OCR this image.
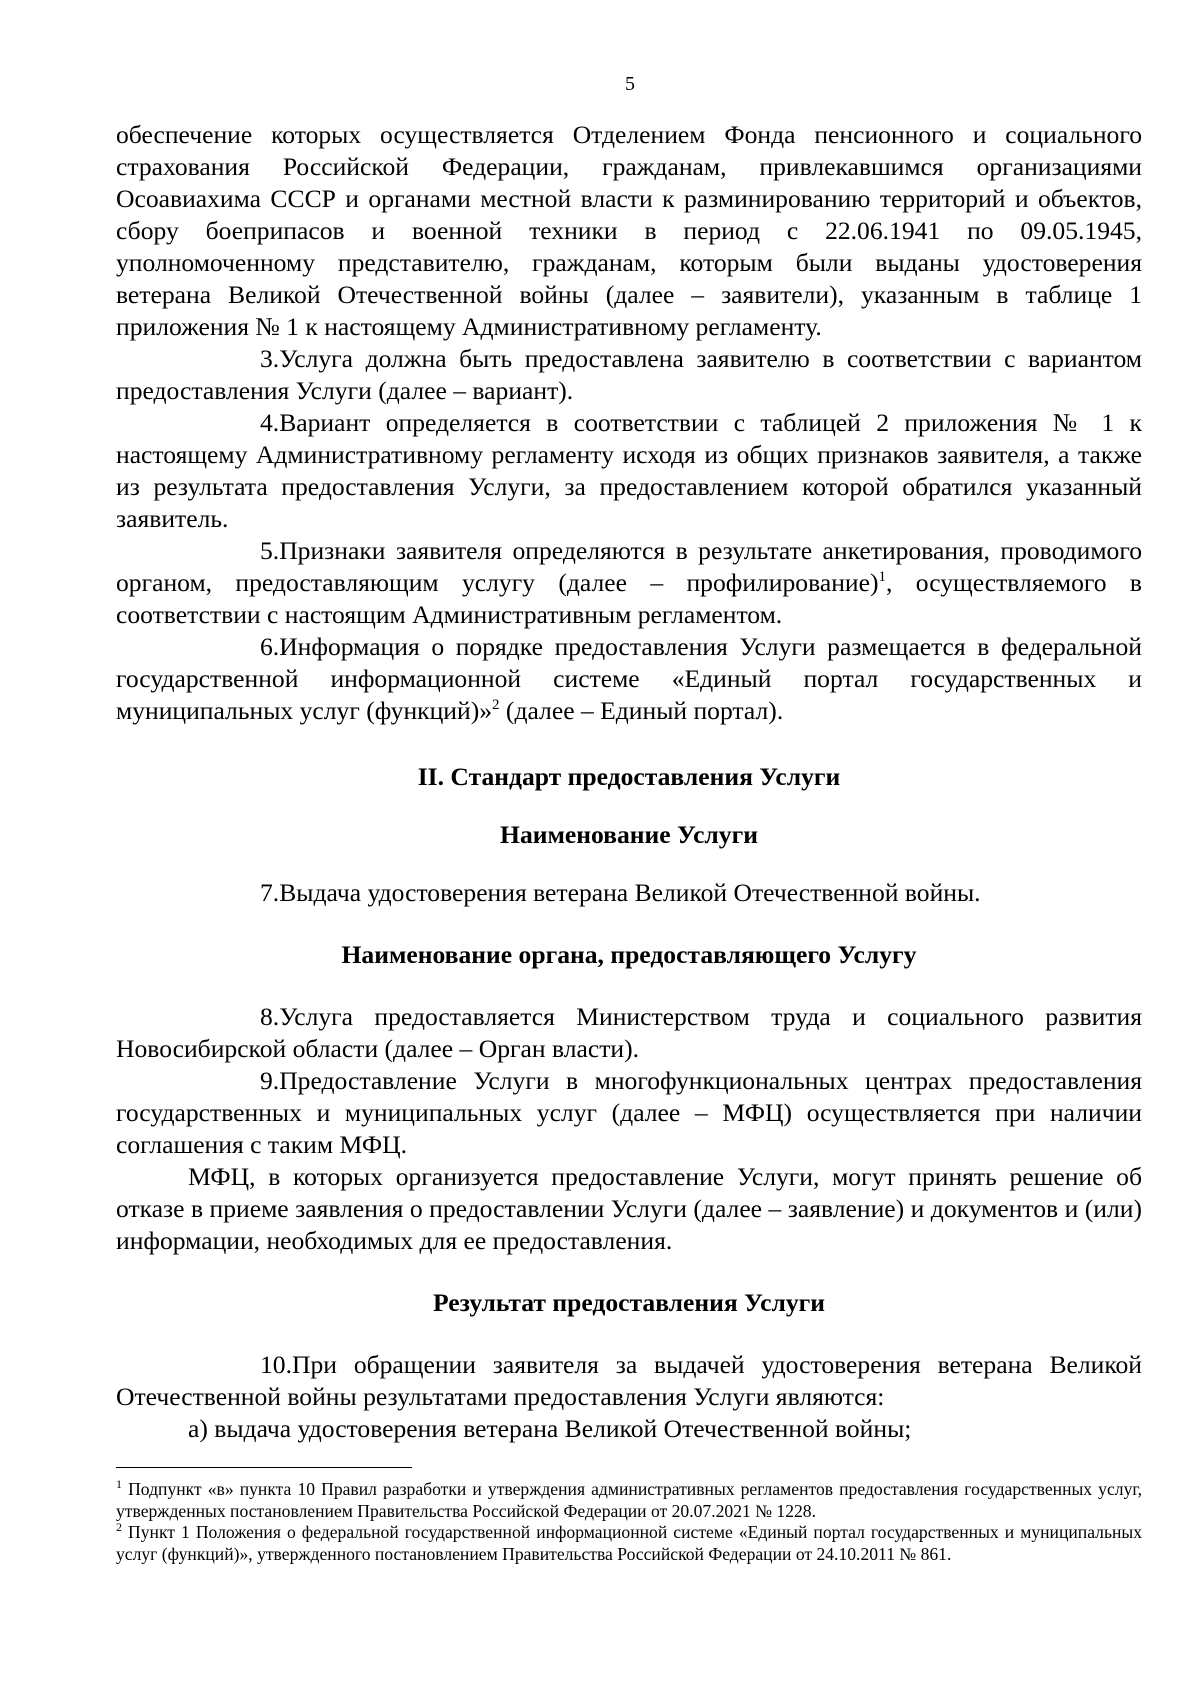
5

обеспечение которых осуществляется Отделением Фонда пенсионного и социального страхования Российской Федерации, гражданам, привлекавшимся организациями Осоавиахима СССР и органами местной власти к разминированию территорий и объектов, сбору боеприпасов и военной техники в период с 22.06.1941 по 09.05.1945, уполномоченному представителю, гражданам, которым были выданы удостоверения ветерана Великой Отечественной войны (далее – заявители), указанным в таблице 1 приложения № 1 к настоящему Административному регламенту.

3.Услуга должна быть предоставлена заявителю в соответствии с вариантом предоставления Услуги (далее – вариант).

4.Вариант определяется в соответствии с таблицей 2 приложения № 1 к настоящему Административному регламенту исходя из общих признаков заявителя, а также из результата предоставления Услуги, за предоставлением которой обратился указанный заявитель.

5.Признаки заявителя определяются в результате анкетирования, проводимого органом, предоставляющим услугу (далее – профилирование)$^1$, осуществляемого в соответствии с настоящим Административным регламентом.

6.Информация о порядке предоставления Услуги размещается в федеральной государственной информационной системе «Единый портал государственных и муниципальных услуг (функций)»$^2$ (далее – Единый портал).

II. Стандарт предоставления Услуги
Наименование Услуги

7.Выдача удостоверения ветерана Великой Отечественной войны.

Наименование органа, предоставляющего Услугу

8.Услуга предоставляется Министерством труда и социального развития Новосибирской области (далее – Орган власти).

9.Предоставление Услуги в многофункциональных центрах предоставления государственных и муниципальных услуг (далее – МФЦ) осуществляется при наличии соглашения с таким МФЦ.

МФЦ, в которых организуется предоставление Услуги, могут принять решение об отказе в приеме заявления о предоставлении Услуги (далее – заявление) и документов и (или) информации, необходимых для ее предоставления.

Результат предоставления Услуги

10.При обращении заявителя за выдачей удостоверения ветерана Великой Отечественной войны результатами предоставления Услуги являются:

а) выдача удостоверения ветерана Великой Отечественной войны;

$^1$ Подпункт «в» пункта 10 Правил разработки и утверждения административных регламентов предоставления государственных услуг, утвержденных постановлением Правительства Российской Федерации от 20.07.2021 № 1228.

$^2$ Пункт 1 Положения о федеральной государственной информационной системе «Единый портал государственных и муниципальных услуг (функций)», утвержденного постановлением Правительства Российской Федерации от 24.10.2011 № 861.
